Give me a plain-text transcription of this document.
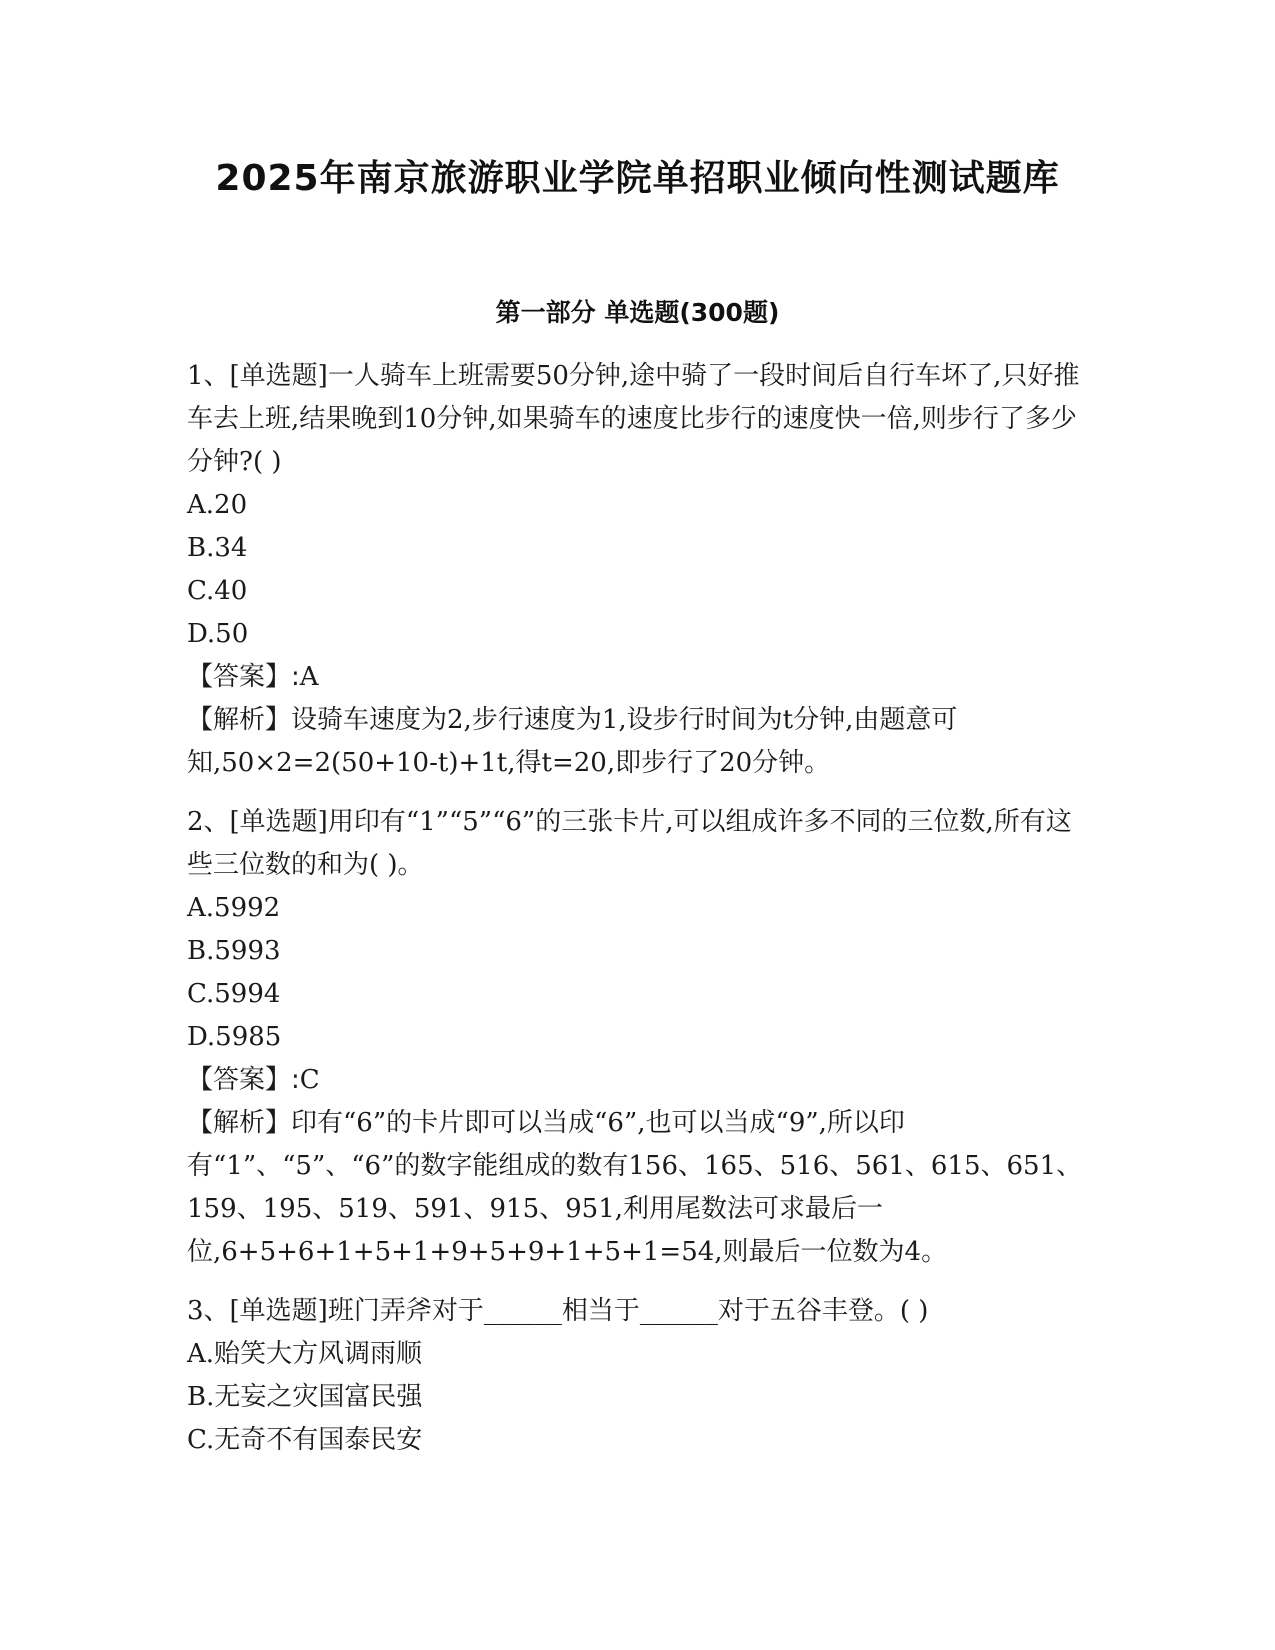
2025年南京旅游职业学院单招职业倾向性测试题库
第一部分 单选题(300题)

1、[单选题]一人骑车上班需要50分钟,途中骑了一段时间后自行车坏了,只好推车去上班,结果晚到10分钟,如果骑车的速度比步行的速度快一倍,则步行了多少分钟?( )

A.20

B.34

C.40

D.50

【答案】:A

【解析】设骑车速度为2,步行速度为1,设步行时间为t分钟,由题意可知,50×2=2(50+10-t)+1t,得t=20,即步行了20分钟。

2、[单选题]用印有“1”“5”“6”的三张卡片,可以组成许多不同的三位数,所有这些三位数的和为( )。

A.5992

B.5993

C.5994

D.5985

【答案】:C

【解析】印有“6”的卡片即可以当成“6”,也可以当成“9”,所以印有“1”、“5”、“6”的数字能组成的数有156、165、516、561、615、651、159、195、519、591、915、951,利用尾数法可求最后一位,6+5+6+1+5+1+9+5+9+1+5+1=54,则最后一位数为4。

3、[单选题]班门弄斧对于______相当于______对于五谷丰登。( )

A.贻笑大方风调雨顺

B.无妄之灾国富民强

C.无奇不有国泰民安
